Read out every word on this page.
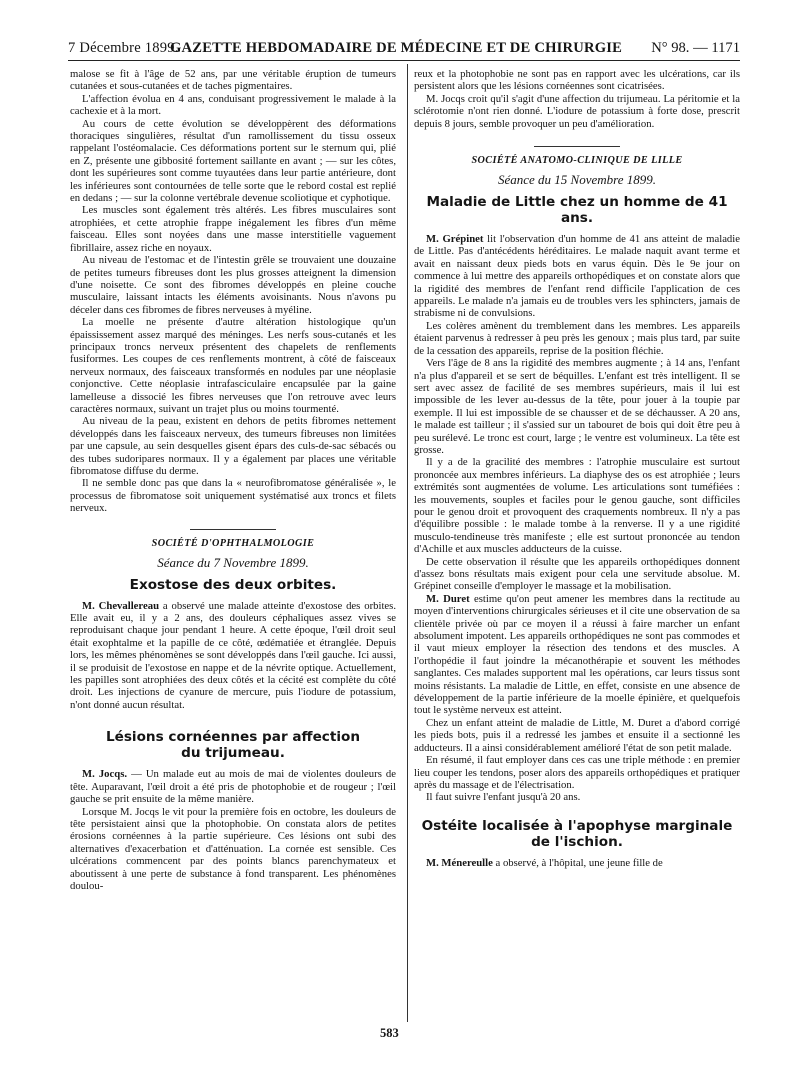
7 Décembre 1899.
GAZETTE HEBDOMADAIRE DE MÉDECINE ET DE CHIRURGIE N° 98. — 1171

malose se fit à l'âge de 52 ans, par une véritable éruption de tumeurs cutanées et sous-cutanées et de taches pigmentaires.

L'affection évolua en 4 ans, conduisant progressivement le malade à la cachexie et à la mort.

Au cours de cette évolution se développèrent des déformations thoraciques singulières, résultat d'un ramollissement du tissu osseux rappelant l'ostéomalacie. Ces déformations portent sur le sternum qui, plié en Z, présente une gibbosité fortement saillante en avant ; — sur les côtes, dont les supérieures sont comme tuyautées dans leur partie antérieure, dont les inférieures sont contournées de telle sorte que le rebord costal est replié en dedans ; — sur la colonne vertébrale devenue scoliotique et cyphotique.

Les muscles sont également très altérés. Les fibres musculaires sont atrophiées, et cette atrophie frappe inégalement les fibres d'un même faisceau. Elles sont noyées dans une masse interstitielle vaguement fibrillaire, assez riche en noyaux.

Au niveau de l'estomac et de l'intestin grêle se trouvaient une douzaine de petites tumeurs fibreuses dont les plus grosses atteignent la dimension d'une noisette. Ce sont des fibromes développés en pleine couche musculaire, laissant intacts les éléments avoisinants. Nous n'avons pu déceler dans ces fibromes de fibres nerveuses à myéline.

La moelle ne présente d'autre altération histologique qu'un épaississement assez marqué des méninges. Les nerfs sous-cutanés et les principaux troncs nerveux présentent des chapelets de renflements fusiformes. Les coupes de ces renflements montrent, à côté de faisceaux nerveux normaux, des faisceaux transformés en nodules par une néoplasie conjonctive. Cette néoplasie intrafasciculaire encapsulée par la gaine lamelleuse a dissocié les fibres nerveuses que l'on retrouve avec leurs caractères normaux, suivant un trajet plus ou moins tourmenté.

Au niveau de la peau, existent en dehors de petits fibromes nettement développés dans les faisceaux nerveux, des tumeurs fibreuses non limitées par une capsule, au sein desquelles gisent épars des culs-de-sac sébacés ou des tubes sudoripares normaux. Il y a également par places une véritable fibromatose diffuse du derme.

Il ne semble donc pas que dans la « neurofibromatose généralisée », le processus de fibromatose soit uniquement systématisé aux troncs et filets nerveux.

SOCIÉTÉ D'OPHTHALMOLOGIE
Séance du 7 Novembre 1899.
Exostose des deux orbites.

M. Chevallereau a observé une malade atteinte d'exostose des orbites. Elle avait eu, il y a 2 ans, des douleurs céphaliques assez vives se reproduisant chaque jour pendant 1 heure. A cette époque, l'œil droit seul était exophtalme et la papille de ce côté, œdématiée et étranglée. Depuis lors, les mêmes phénomènes se sont développés dans l'œil gauche. Ici aussi, il se produisit de l'exostose en nappe et de la névrite optique. Actuellement, les papilles sont atrophiées des deux côtés et la cécité est complète du côté droit. Les injections de cyanure de mercure, puis l'iodure de potassium, n'ont donné aucun résultat.

Lésions cornéennes par affection
du trijumeau.

M. Jocqs. — Un malade eut au mois de mai de violentes douleurs de tête. Auparavant, l'œil droit a été pris de photophobie et de rougeur ; l'œil gauche se prit ensuite de la même manière.

Lorsque M. Jocqs le vit pour la première fois en octobre, les douleurs de tête persistaient ainsi que la photophobie. On constata alors de petites érosions cornéennes à la partie supérieure. Ces lésions ont subi des alternatives d'exacerbation et d'atténuation. La cornée est sensible. Ces ulcérations commencent par des points blancs parenchymateux et aboutissent à une perte de substance à fond transparent. Les phénomènes doulou-

reux et la photophobie ne sont pas en rapport avec les ulcérations, car ils persistent alors que les lésions cornéennes sont cicatrisées.

M. Jocqs croit qu'il s'agit d'une affection du trijumeau. La péritomie et la sclérotomie n'ont rien donné. L'iodure de potassium à forte dose, prescrit depuis 8 jours, semble provoquer un peu d'amélioration.

SOCIÉTÉ ANATOMO-CLINIQUE DE LILLE
Séance du 15 Novembre 1899.
Maladie de Little chez un homme de 41 ans.

M. Grépinet lit l'observation d'un homme de 41 ans atteint de maladie de Little. Pas d'antécédents héréditaires. Le malade naquit avant terme et avait en naissant deux pieds bots en varus équin. Dès le 9e jour on commence à lui mettre des appareils orthopédiques et on constate alors que la rigidité des membres de l'enfant rend difficile l'application de ces appareils. Le malade n'a jamais eu de troubles vers les sphincters, jamais de strabisme ni de convulsions.

Les colères amènent du tremblement dans les membres. Les appareils étaient parvenus à redresser à peu près les genoux ; mais plus tard, par suite de la cessation des appareils, reprise de la position fléchie.

Vers l'âge de 8 ans la rigidité des membres augmente ; à 14 ans, l'enfant n'a plus d'appareil et se sert de béquilles. L'enfant est très intelligent. Il se sert avec assez de facilité de ses membres supérieurs, mais il lui est impossible de les lever au-dessus de la tête, pour jouer à la toupie par exemple. Il lui est impossible de se chausser et de se déchausser. A 20 ans, le malade est tailleur ; il s'assied sur un tabouret de bois qui doit être peu à peu surélevé. Le tronc est court, large ; le ventre est volumineux. La tête est grosse.

Il y a de la gracilité des membres : l'atrophie musculaire est surtout prononcée aux membres inférieurs. La diaphyse des os est atrophiée ; leurs extrémités sont augmentées de volume. Les articulations sont tuméfiées : les mouvements, souples et faciles pour le genou gauche, sont difficiles pour le genou droit et provoquent des craquements nombreux. Il n'y a pas d'équilibre possible : le malade tombe à la renverse. Il y a une rigidité musculo-tendineuse très manifeste ; elle est surtout prononcée au tendon d'Achille et aux muscles adducteurs de la cuisse.

De cette observation il résulte que les appareils orthopédiques donnent d'assez bons résultats mais exigent pour cela une servitude absolue. M. Grépinet conseille d'employer le massage et la mobilisation.

M. Duret estime qu'on peut amener les membres dans la rectitude au moyen d'interventions chirurgicales sérieuses et il cite une observation de sa clientèle privée où par ce moyen il a réussi à faire marcher un enfant absolument impotent. Les appareils orthopédiques ne sont pas commodes et il vaut mieux employer la résection des tendons et des muscles. A l'orthopédie il faut joindre la mécanothérapie et souvent les méthodes sanglantes. Ces malades supportent mal les opérations, car leurs tissus sont moins résistants. La maladie de Little, en effet, consiste en une absence de développement de la partie inférieure de la moelle épinière, et quelquefois tout le système nerveux est atteint.

Chez un enfant atteint de maladie de Little, M. Duret a d'abord corrigé les pieds bots, puis il a redressé les jambes et ensuite il a sectionné les adducteurs. Il a ainsi considérablement amélioré l'état de son petit malade.

En résumé, il faut employer dans ces cas une triple méthode : en premier lieu couper les tendons, poser alors des appareils orthopédiques et pratiquer après du massage et de l'électrisation.

Il faut suivre l'enfant jusqu'à 20 ans.

Ostéite localisée à l'apophyse marginale
de l'ischion.

M. Ménereulle a observé, à l'hôpital, une jeune fille de

583
